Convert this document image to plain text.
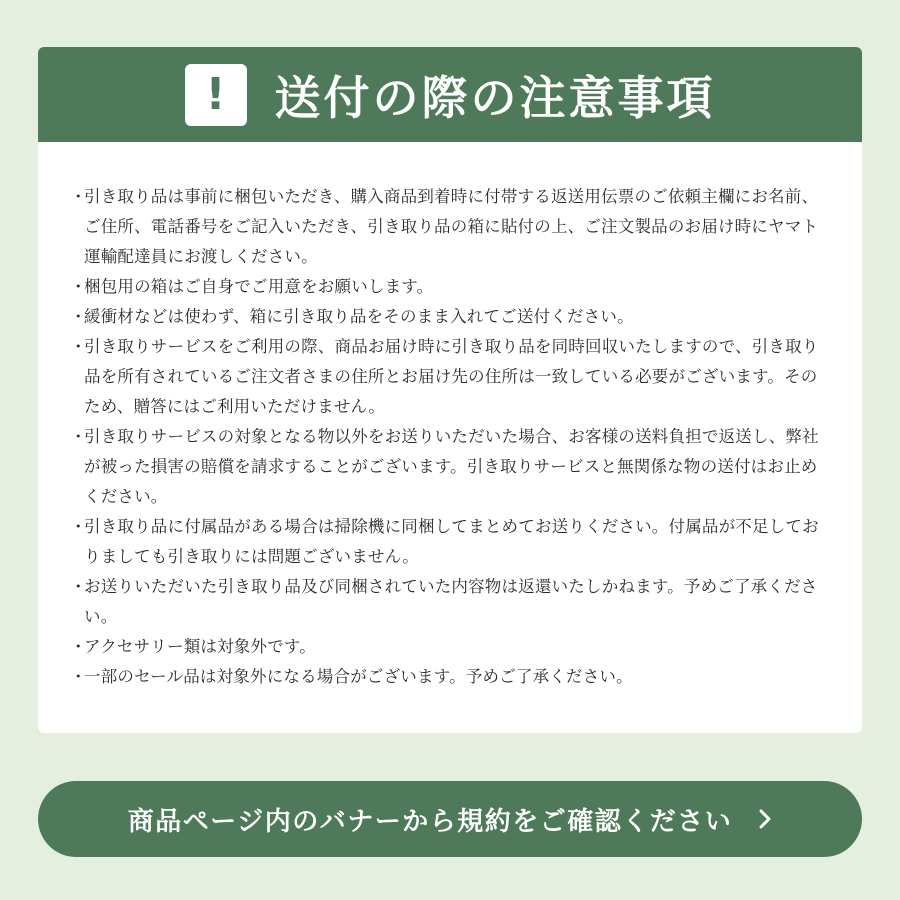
!	送付の際の注意事項
・
引き取り品は事前に梱包いただき、購入商品到着時に付帯する返送用伝票のご依頼主欄にお名前、ご住所、電話番号をご記入いただき、引き取り品の箱に貼付の上、ご注文製品のお届け時にヤマト運輸配達員にお渡しください。
・
梱包用の箱はご自身でご用意をお願いします。
・
緩衝材などは使わず、箱に引き取り品をそのまま入れてご送付ください。
・
引き取りサービスをご利用の際、商品お届け時に引き取り品を同時回収いたしますので、引き取り品を所有されているご注文者さまの住所とお届け先の住所は一致している必要がございます。そのため、贈答にはご利用いただけません。
・
引き取りサービスの対象となる物以外をお送りいただいた場合、お客様の送料負担で返送し、弊社が被った損害の賠償を請求することがございます。引き取りサービスと無関係な物の送付はお止めください。
・
引き取り品に付属品がある場合は掃除機に同梱してまとめてお送りください。付属品が不足しておりましても引き取りには問題ございません。
・
お送りいただいた引き取り品及び同梱されていた内容物は返還いたしかねます。予めご了承ください。
・
アクセサリー類は対象外です。
・
一部のセール品は対象外になる場合がございます。予めご了承ください。
商品ページ内のバナーから規約をご確認ください
